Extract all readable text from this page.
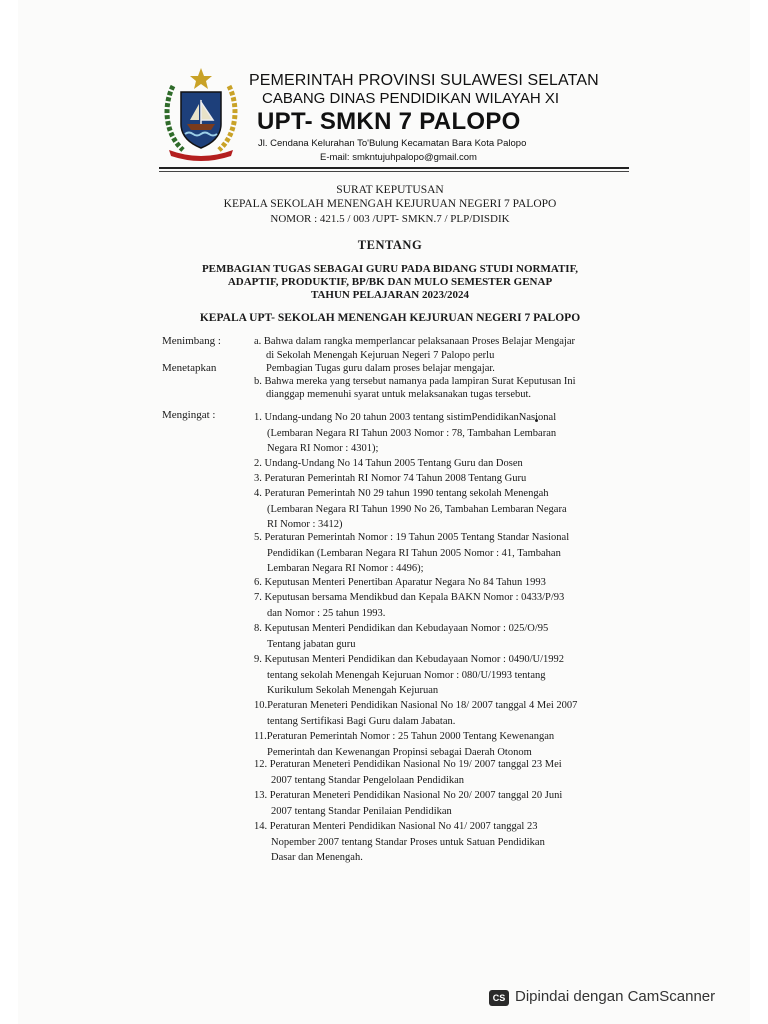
PEMERINTAH PROVINSI SULAWESI SELATAN
CABANG DINAS PENDIDIKAN WILAYAH XI
UPT- SMKN 7 PALOPO
Jl. Cendana Kelurahan To'Bulung Kecamatan Bara Kota Palopo
E-mail: smkntujuhpalopo@gmail.com
SURAT KEPUTUSAN
KEPALA SEKOLAH MENENGAH KEJURUAN NEGERI 7 PALOPO
NOMOR : 421.5 / 003 /UPT- SMKN.7 / PLP/DISDIK
TENTANG
PEMBAGIAN TUGAS SEBAGAI GURU PADA BIDANG STUDI NORMATIF,
ADAPTIF, PRODUKTIF, BP/BK DAN MULO SEMESTER GENAP
TAHUN PELAJARAN 2023/2024
KEPALA UPT- SEKOLAH MENENGAH KEJURUAN NEGERI 7 PALOPO
Menimbang :
Menetapkan
a. Bahwa dalam rangka memperlancar pelaksanaan Proses Belajar Mengajar
di Sekolah Menengah Kejuruan Negeri 7 Palopo perlu
Pembagian Tugas guru dalam proses belajar mengajar.
b. Bahwa mereka yang tersebut namanya pada lampiran Surat Keputusan Ini
dianggap memenuhi syarat untuk melaksanakan tugas tersebut.
Mengingat :	1. Undang-undang No 20 tahun 2003 tentang sistimPendidikanNasional
(Lembaran Negara RI Tahun 2003 Nomor : 78, Tambahan Lembaran
Negara RI Nomor : 4301);
2. Undang-Undang No 14 Tahun 2005 Tentang Guru dan Dosen
3. Peraturan Pemerintah RI Nomor 74 Tahun 2008 Tentang Guru
4. Peraturan Pemerintah N0 29 tahun 1990 tentang sekolah Menengah
(Lembaran Negara RI Tahun 1990 No 26, Tambahan Lembaran Negara
RI Nomor : 3412)
5. Peraturan Pemerintah Nomor : 19 Tahun 2005 Tentang Standar Nasional
Pendidikan (Lembaran Negara RI Tahun 2005 Nomor : 41, Tambahan
Lembaran Negara RI Nomor : 4496);
6. Keputusan Menteri Penertiban Aparatur Negara No 84 Tahun 1993
7. Keputusan bersama Mendikbud dan Kepala BAKN Nomor : 0433/P/93
dan Nomor : 25 tahun 1993.
8. Keputusan Menteri Pendidikan dan Kebudayaan Nomor : 025/O/95
Tentang jabatan guru
9. Keputusan Menteri Pendidikan dan Kebudayaan Nomor : 0490/U/1992
tentang sekolah Menengah Kejuruan Nomor : 080/U/1993 tentang
Kurikulum Sekolah Menengah Kejuruan
10.Peraturan Meneteri Pendidikan Nasional No 18/ 2007 tanggal 4 Mei 2007
tentang Sertifikasi Bagi Guru dalam Jabatan.
11.Peraturan Pemerintah Nomor : 25 Tahun 2000 Tentang Kewenangan
Pemerintah dan Kewenangan Propinsi sebagai Daerah Otonom
12. Peraturan Meneteri Pendidikan Nasional No 19/ 2007 tanggal 23 Mei
2007 tentang Standar Pengelolaan Pendidikan
13. Peraturan Meneteri Pendidikan Nasional No 20/ 2007 tanggal 20 Juni
2007 tentang Standar Penilaian Pendidikan
14. Peraturan Menteri Pendidikan Nasional No 41/ 2007 tanggal 23
Nopember 2007 tentang Standar Proses untuk Satuan Pendidikan
Dasar dan Menengah.
CS Dipindai dengan CamScanner
